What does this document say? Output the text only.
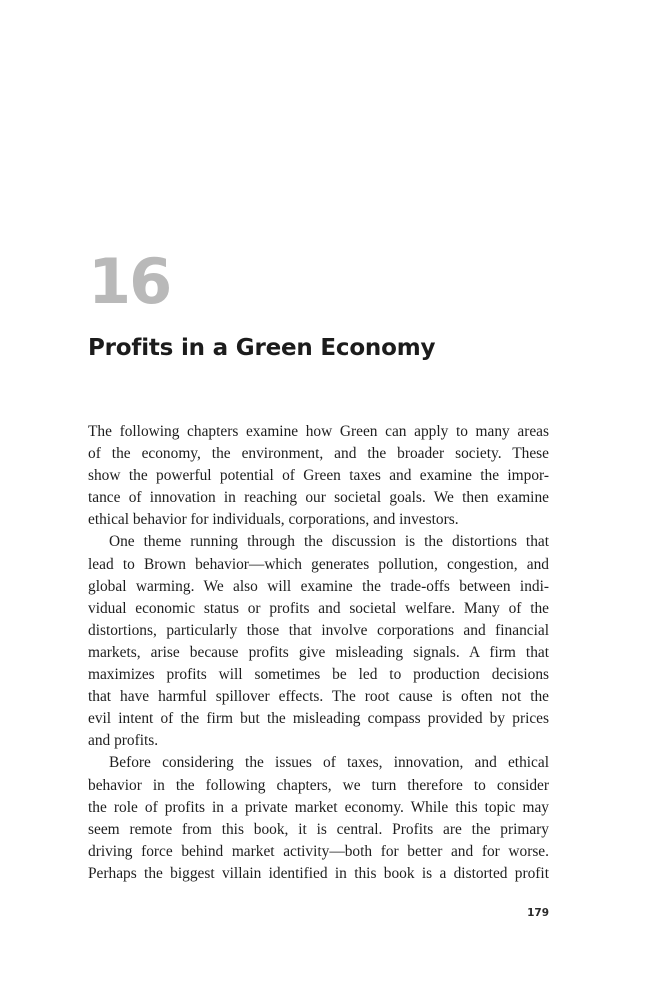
16
Profits in a Green Economy

The following chapters examine how Green can apply to many areas
of the economy, the environment, and the broader society. These
show the powerful potential of Green taxes and examine the impor-
tance of innovation in reaching our societal goals. We then examine
ethical behavior for individuals, corporations, and investors.

One theme running through the discussion is the distortions that
lead to Brown behavior—which generates pollution, congestion, and
global warming. We also will examine the trade-offs between indi-
vidual economic status or profits and societal welfare. Many of the
distortions, particularly those that involve corporations and financial
markets, arise because profits give misleading signals. A firm that
maximizes profits will sometimes be led to production decisions
that have harmful spillover effects. The root cause is often not the
evil intent of the firm but the misleading compass provided by prices
and profits.

Before considering the issues of taxes, innovation, and ethical
behavior in the following chapters, we turn therefore to consider
the role of profits in a private market economy. While this topic may
seem remote from this book, it is central. Profits are the primary
driving force behind market activity—both for better and for worse.
Perhaps the biggest villain identified in this book is a distorted profit

179
